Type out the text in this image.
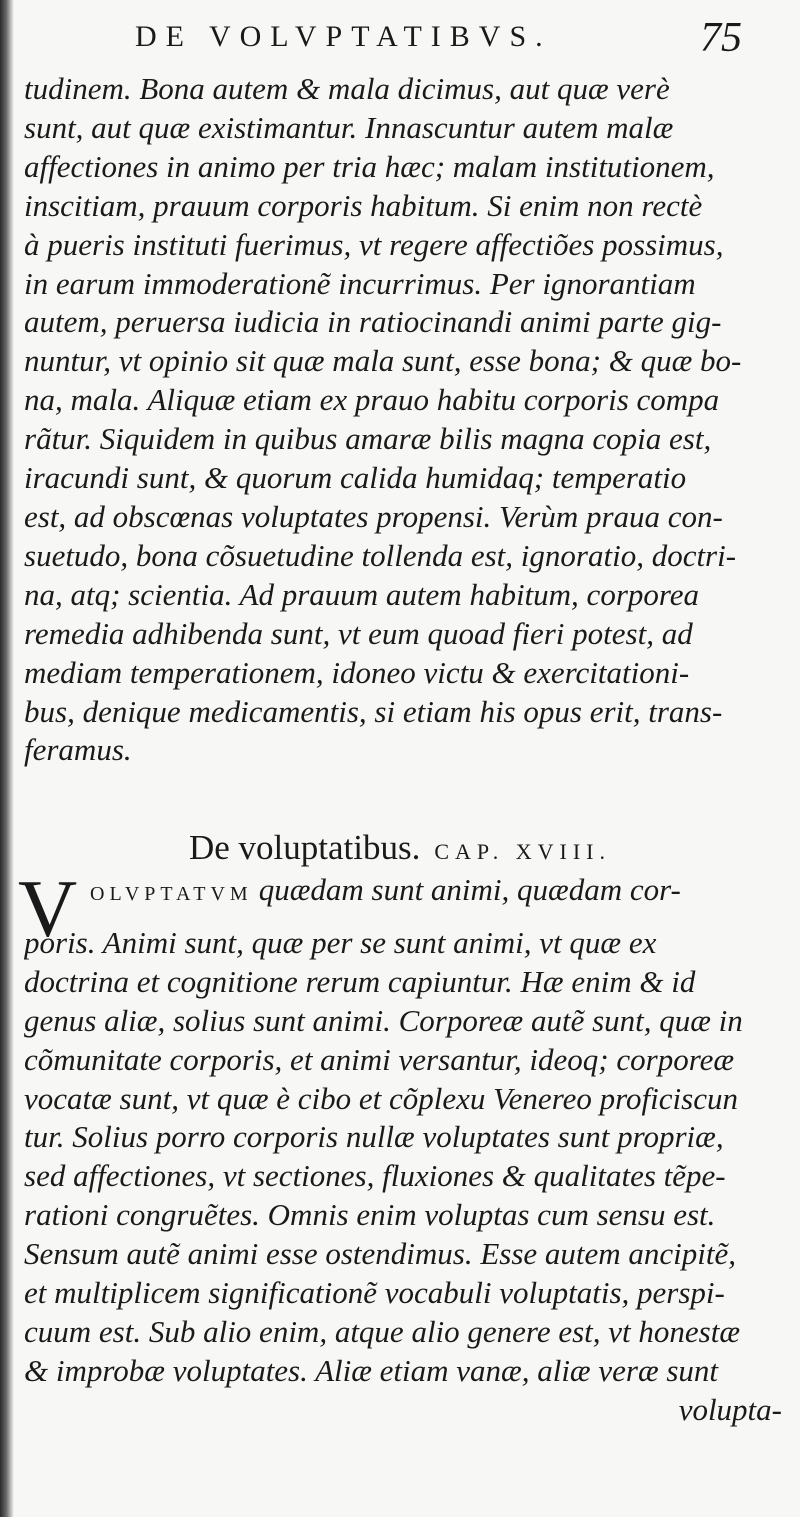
DE VOLVPTATIBVS.	75
tudinem. Bona autem & mala dicimus, aut quæ verè
sunt, aut quæ existimantur. Innascuntur autem malæ
affectiones in animo per tria hæc; malam institutionem,
inscitiam, prauum corporis habitum. Si enim non rectè
à pueris instituti fuerimus, vt regere affectiões possimus,
in earum immoderationẽ incurrimus. Per ignorantiam
autem, peruersa iudicia in ratiocinandi animi parte gig-
nuntur, vt opinio sit quæ mala sunt, esse bona; & quæ bo-
na, mala. Aliquæ etiam ex prauo habitu corporis compa
rãtur. Siquidem in quibus amaræ bilis magna copia est,
iracundi sunt, & quorum calida humidaq; temperatio
est, ad obscœnas voluptates propensi. Verùm praua con-
suetudo, bona cõsuetudine tollenda est, ignoratio, doctri-
na, atq; scientia. Ad prauum autem habitum, corporea
remedia adhibenda sunt, vt eum quoad fieri potest, ad
mediam temperationem, idoneo victu & exercitationi-
bus, denique medicamentis, si etiam his opus erit, trans-
feramus.
De voluptatibus. CAP. XVIII.
V OLVPTATVM quædam sunt animi, quædam cor-

poris. Animi sunt, quæ per se sunt animi, vt quæ ex
doctrina et cognitione rerum capiuntur. Hæ enim & id
genus aliæ, solius sunt animi. Corporeæ autẽ sunt, quæ in
cõmunitate corporis, et animi versantur, ideoq; corporeæ
vocatæ sunt, vt quæ è cibo et cõplexu Venereo proficiscun
tur. Solius porro corporis nullæ voluptates sunt propriæ,
sed affectiones, vt sectiones, fluxiones & qualitates tẽpe-
rationi congruẽtes. Omnis enim voluptas cum sensu est.
Sensum autẽ animi esse ostendimus. Esse autem ancipitẽ,
et multiplicem significationẽ vocabuli voluptatis, perspi-
cuum est. Sub alio enim, atque alio genere est, vt honestæ
& improbæ voluptates. Aliæ etiam vanæ, aliæ veræ sunt
volupta-
